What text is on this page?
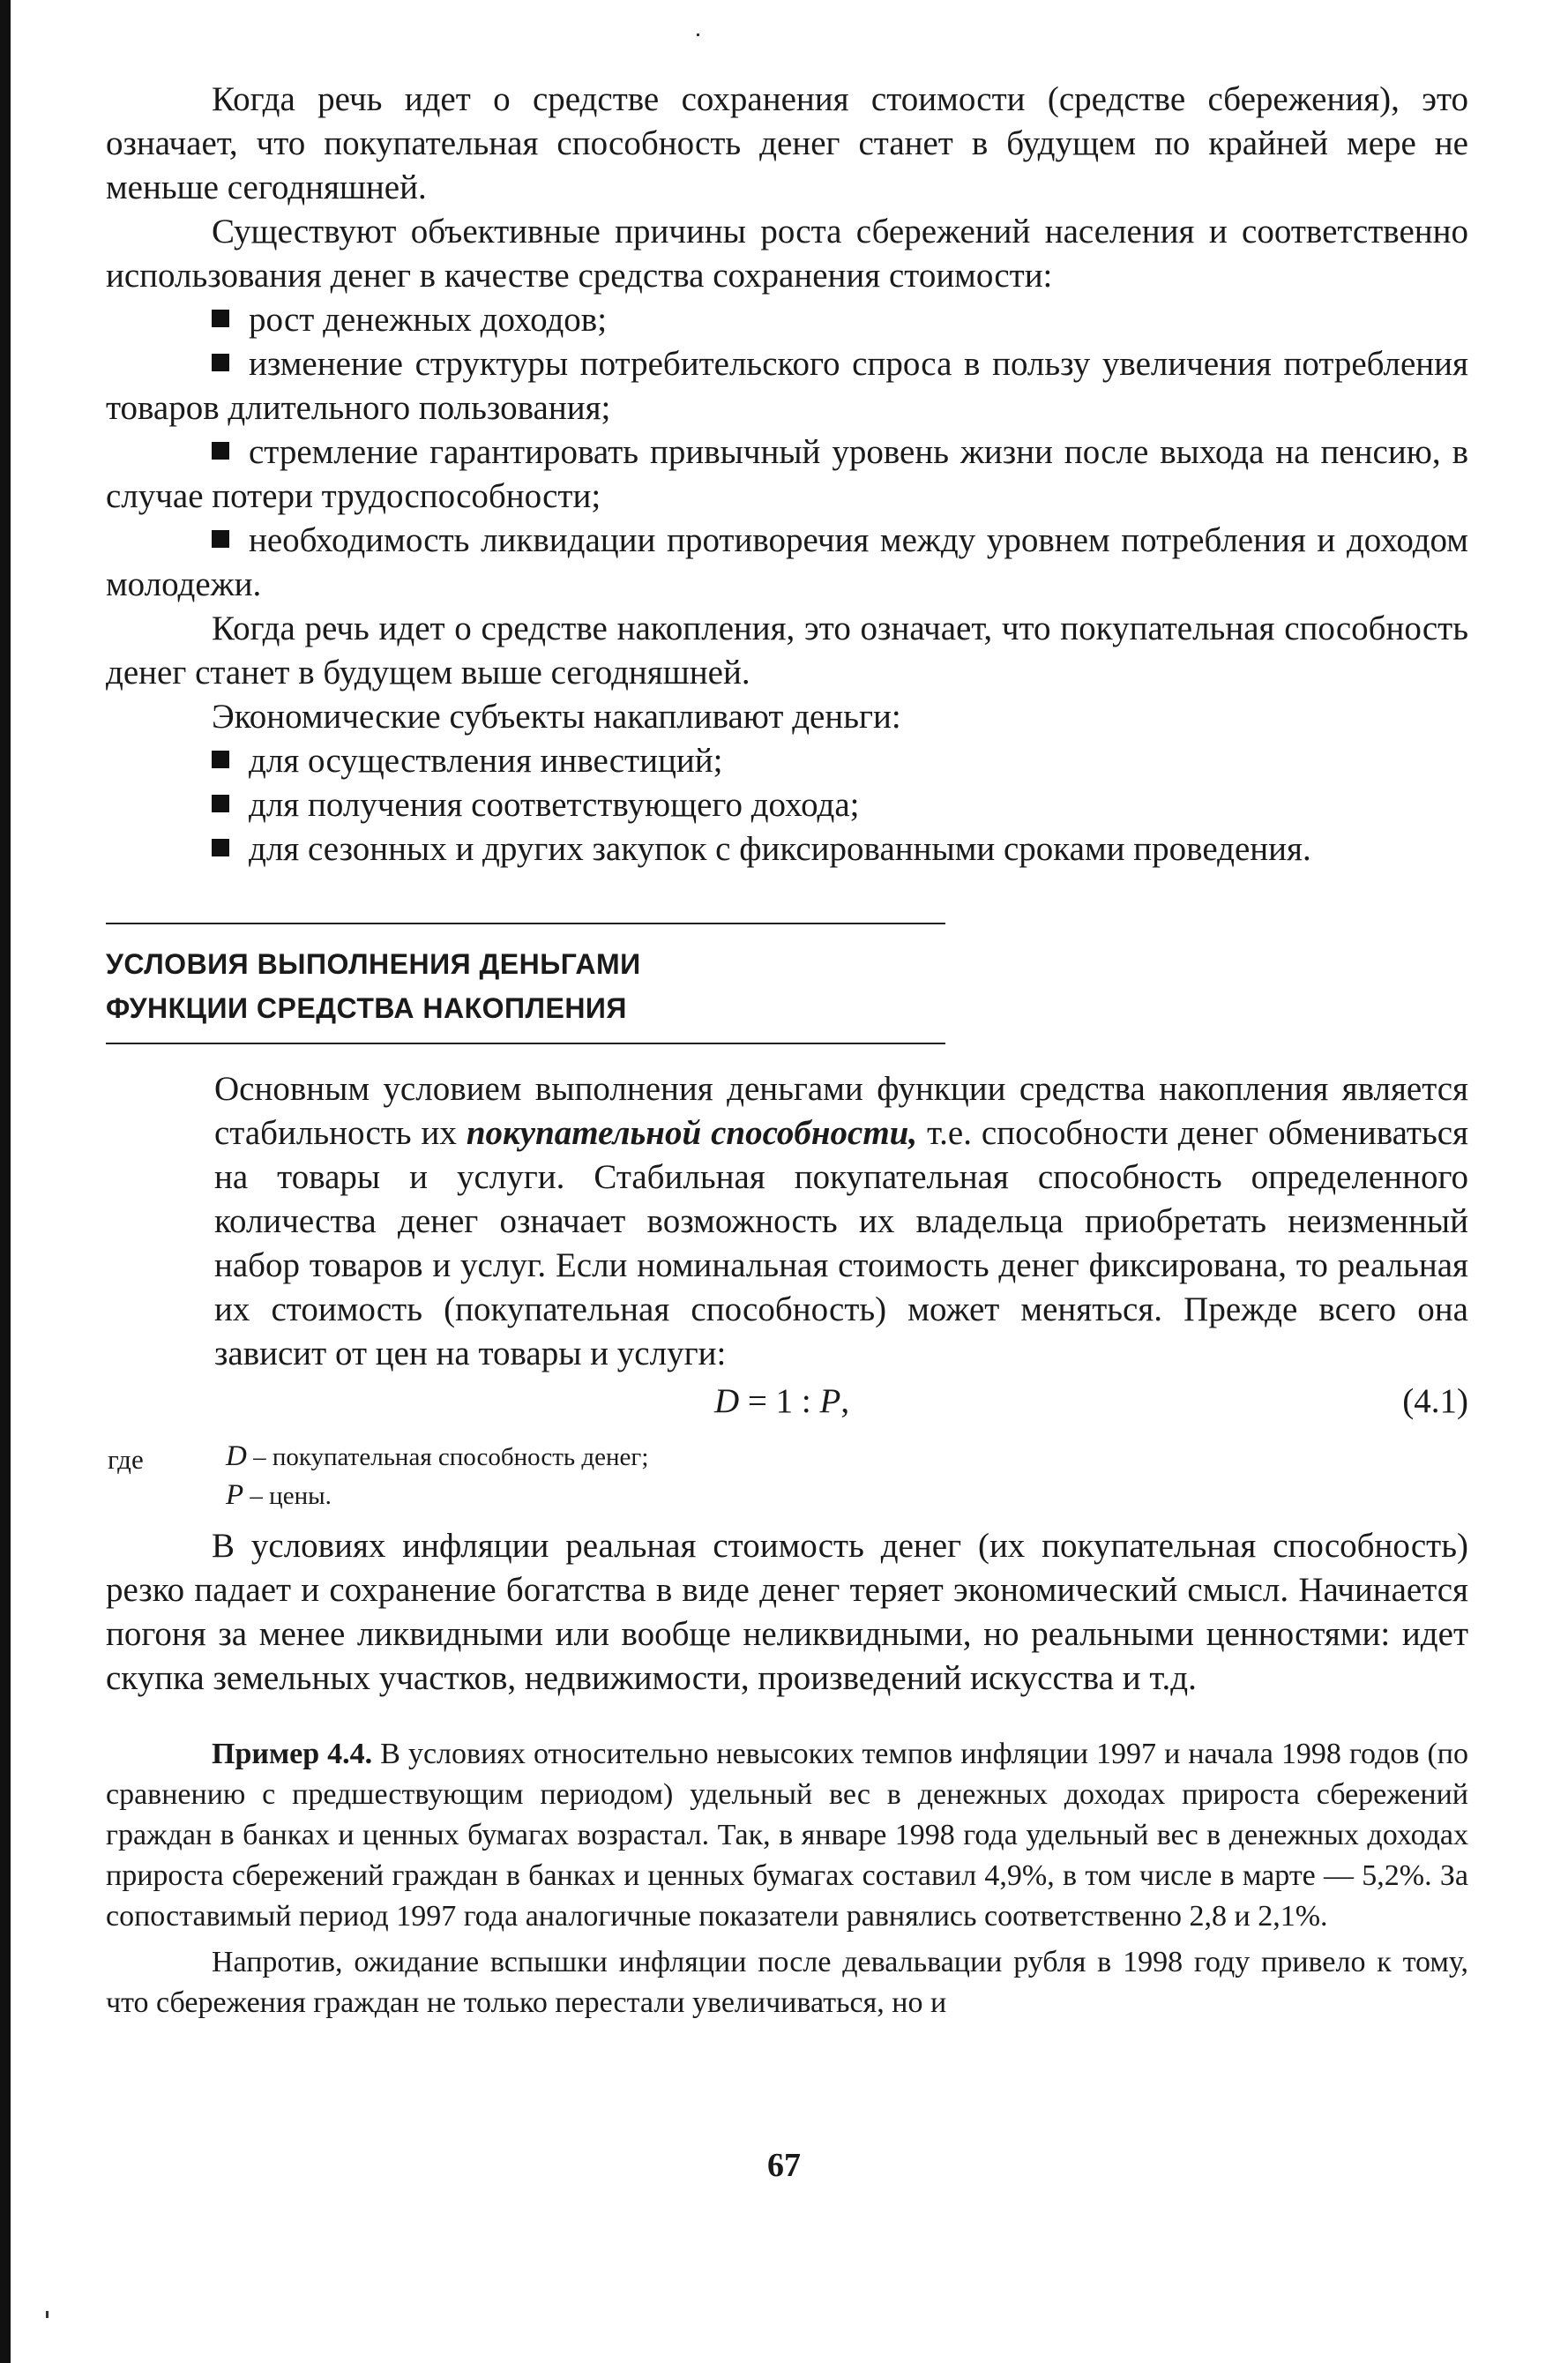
Когда речь идет о средстве сохранения стоимости (средстве сбережения), это означает, что покупательная способность денег станет в будущем по крайней мере не меньше сегодняшней.

Существуют объективные причины роста сбережений населения и соответственно использования денег в качестве средства сохранения стоимости:

рост денежных доходов;
изменение структуры потребительского спроса в пользу увеличения потребления товаров длительного пользования;
стремление гарантировать привычный уровень жизни после выхода на пенсию, в случае потери трудоспособности;
необходимость ликвидации противоречия между уровнем потребления и доходом молодежи.

Когда речь идет о средстве накопления, это означает, что покупательная способность денег станет в будущем выше сегодняшней.

Экономические субъекты накапливают деньги:

для осуществления инвестиций;
для получения соответствующего дохода;
для сезонных и других закупок с фиксированными сроками проведения.
УСЛОВИЯ ВЫПОЛНЕНИЯ ДЕНЬГАМИ
ФУНКЦИИ СРЕДСТВА НАКОПЛЕНИЯ

Основным условием выполнения деньгами функции средства накопления является стабильность их покупательной способности, т.е. способности денег обмениваться на товары и услуги. Стабильная покупательная способность определенного количества денег означает возможность их владельца приобретать неизменный набор товаров и услуг. Если номинальная стоимость денег фиксирована, то реальная их стоимость (покупательная способность) может меняться. Прежде всего она зависит от цен на товары и услуги:

D = 1 : P,	(4.1)
где	D – покупательная способность денег;
P – цены.

В условиях инфляции реальная стоимость денег (их покупательная способность) резко падает и сохранение богатства в виде денег теряет экономический смысл. Начинается погоня за менее ликвидными или вообще неликвидными, но реальными ценностями: идет скупка земельных участков, недвижимости, произведений искусства и т.д.

Пример 4.4. В условиях относительно невысоких темпов инфляции 1997 и начала 1998 годов (по сравнению с предшествующим периодом) удельный вес в денежных доходах прироста сбережений граждан в банках и ценных бумагах возрастал. Так, в январе 1998 года удельный вес в денежных доходах прироста сбережений граждан в банках и ценных бумагах составил 4,9%, в том числе в марте — 5,2%. За сопоставимый период 1997 года аналогичные показатели равнялись соответственно 2,8 и 2,1%.

Напротив, ожидание вспышки инфляции после девальвации рубля в 1998 году привело к тому, что сбережения граждан не только перестали увеличиваться, но и

67
